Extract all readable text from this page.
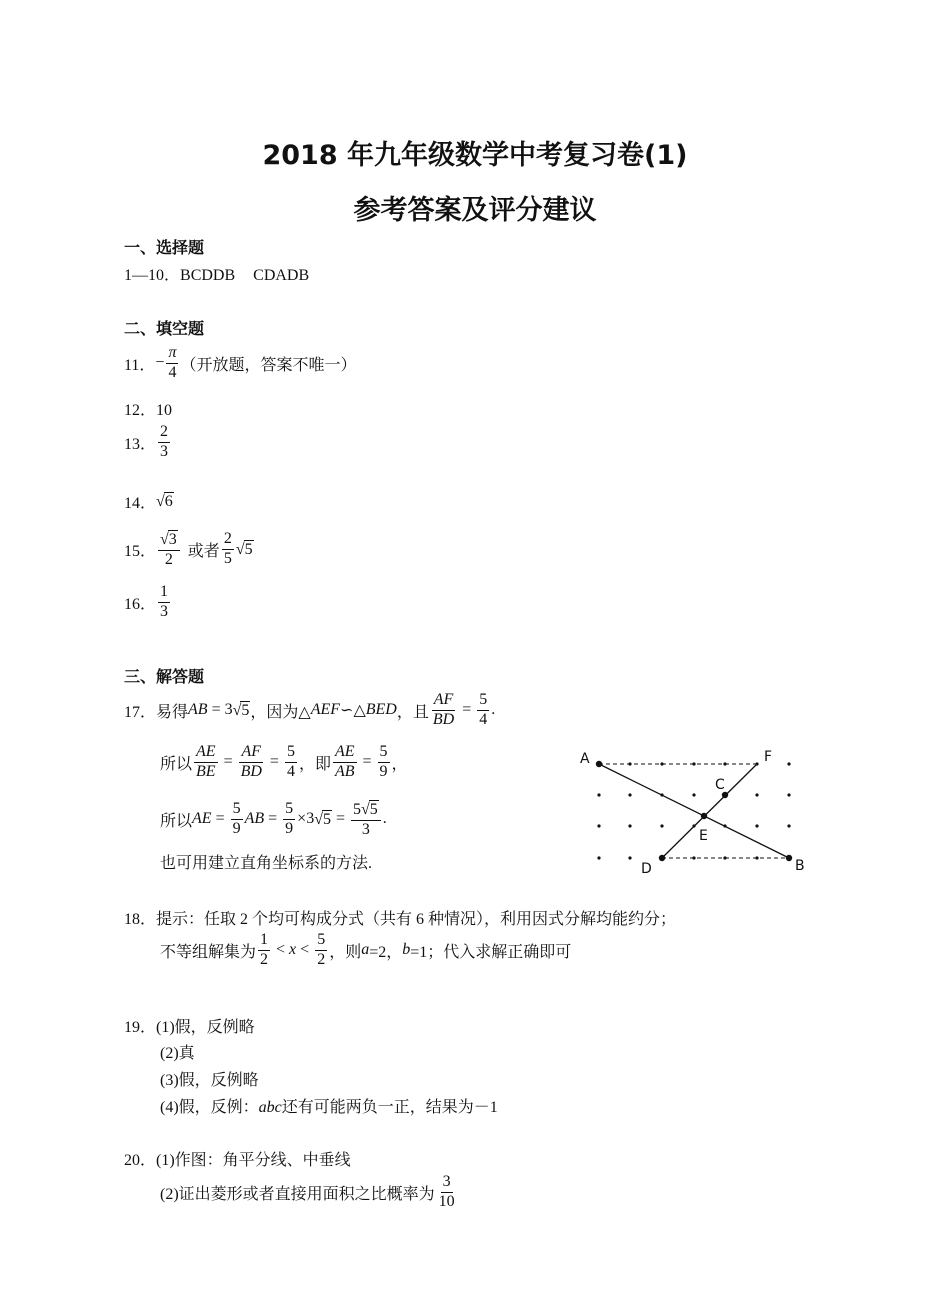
2018 年九年级数学中考复习卷(1)
参考答案及评分建议
一、选择题
1—10．BCDDB CDADB
二、填空题
11． − $\frac{\pi}{4}$ （开放题，答案不唯一）
12．10
13． $\frac{2}{3}$
14． √6
15． $\frac{√3}{2}$ 或者 $\frac{2}{5} √5$
16． $\frac{1}{3}$
三、解答题
17． 易得 AB = 3 √5 ，因为△ AEF ∽ △ BED ，且 $\frac{AF}{BD} = \frac{5}{4}$ .
所以 $\frac{AE}{BE} = \frac{AF}{BD} = \frac{5}{4}$ ，即 $\frac{AE}{AB} = \frac{5}{9}$ ，
所以 AE = $\frac{5}{9}$ AB = $\frac{5}{9} \times 3$ $√5 = \frac{5√5}{3}$ .
也可用建立直角坐标系的方法.
A
B
C
D
E
F
18．提示：任取 2 个均可构成分式（共有 6 种情况），利用因式分解均能约分；
不等组解集为 $\frac{1}{2} < x < \frac{5}{2}$ ，则 a =2， b =1；代入求解正确即可
19．(1)假，反例略
(2)真
(3)假，反例略
(4)假，反例：abc还有可能两负一正，结果为－1
20．(1)作图：角平分线、中垂线
(2)证出菱形或者直接用面积之比概率为 $\frac{3}{10}$
